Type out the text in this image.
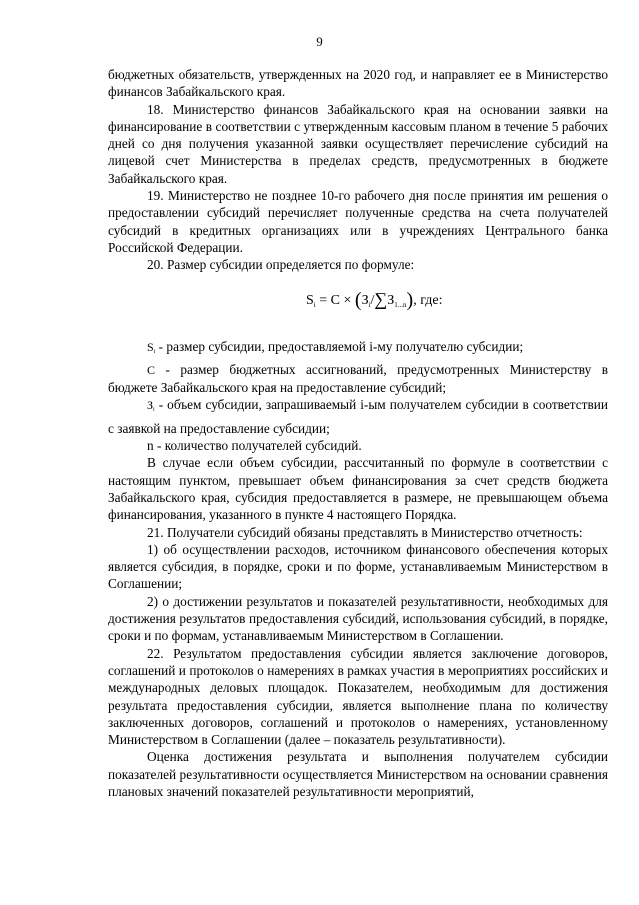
9

бюджетных обязательств, утвержденных на 2020 год, и направляет ее в Министерство финансов Забайкальского края.

18. Министерство финансов Забайкальского края на основании заявки на финансирование в соответствии с утвержденным кассовым планом в течение 5 рабочих дней со дня получения указанной заявки осуществляет перечисление субсидий на лицевой счет Министерства в пределах средств, предусмотренных в бюджете Забайкальского края.

19. Министерство не позднее 10-го рабочего дня после принятия им решения о предоставлении субсидий перечисляет полученные средства на счета получателей субсидий в кредитных организациях или в учреждениях Центрального банка Российской Федерации.

20. Размер субсидии определяется по формуле:

$S_i = C \times (З_i/\sum З_{1...n})$, где:

Si - размер субсидии, предоставляемой i-му получателю субсидии;

C - размер бюджетных ассигнований, предусмотренных Министерству в бюджете Забайкальского края на предоставление субсидий;

Зi - объем субсидии, запрашиваемый i-ым получателем субсидии в соответствии с заявкой на предоставление субсидии;

n - количество получателей субсидий.

В случае если объем субсидии, рассчитанный по формуле в соответствии с настоящим пунктом, превышает объем финансирования за счет средств бюджета Забайкальского края, субсидия предоставляется в размере, не превышающем объема финансирования, указанного в пункте 4 настоящего Порядка.

21. Получатели субсидий обязаны представлять в Министерство отчетность:

1) об осуществлении расходов, источником финансового обеспечения которых является субсидия, в порядке, сроки и по форме, устанавливаемым Министерством в Соглашении;

2) о достижении результатов и показателей результативности, необходимых для достижения результатов предоставления субсидий, использования субсидий, в порядке, сроки и по формам, устанавливаемым Министерством в Соглашении.

22. Результатом предоставления субсидии является заключение договоров, соглашений и протоколов о намерениях в рамках участия в мероприятиях российских и международных деловых площадок. Показателем, необходимым для достижения результата предоставления субсидии, является выполнение плана по количеству заключенных договоров, соглашений и протоколов о намерениях, установленному Министерством в Соглашении (далее – показатель результативности).

Оценка достижения результата и выполнения получателем субсидии показателей результативности осуществляется Министерством на основании сравнения плановых значений показателей результативности мероприятий,
